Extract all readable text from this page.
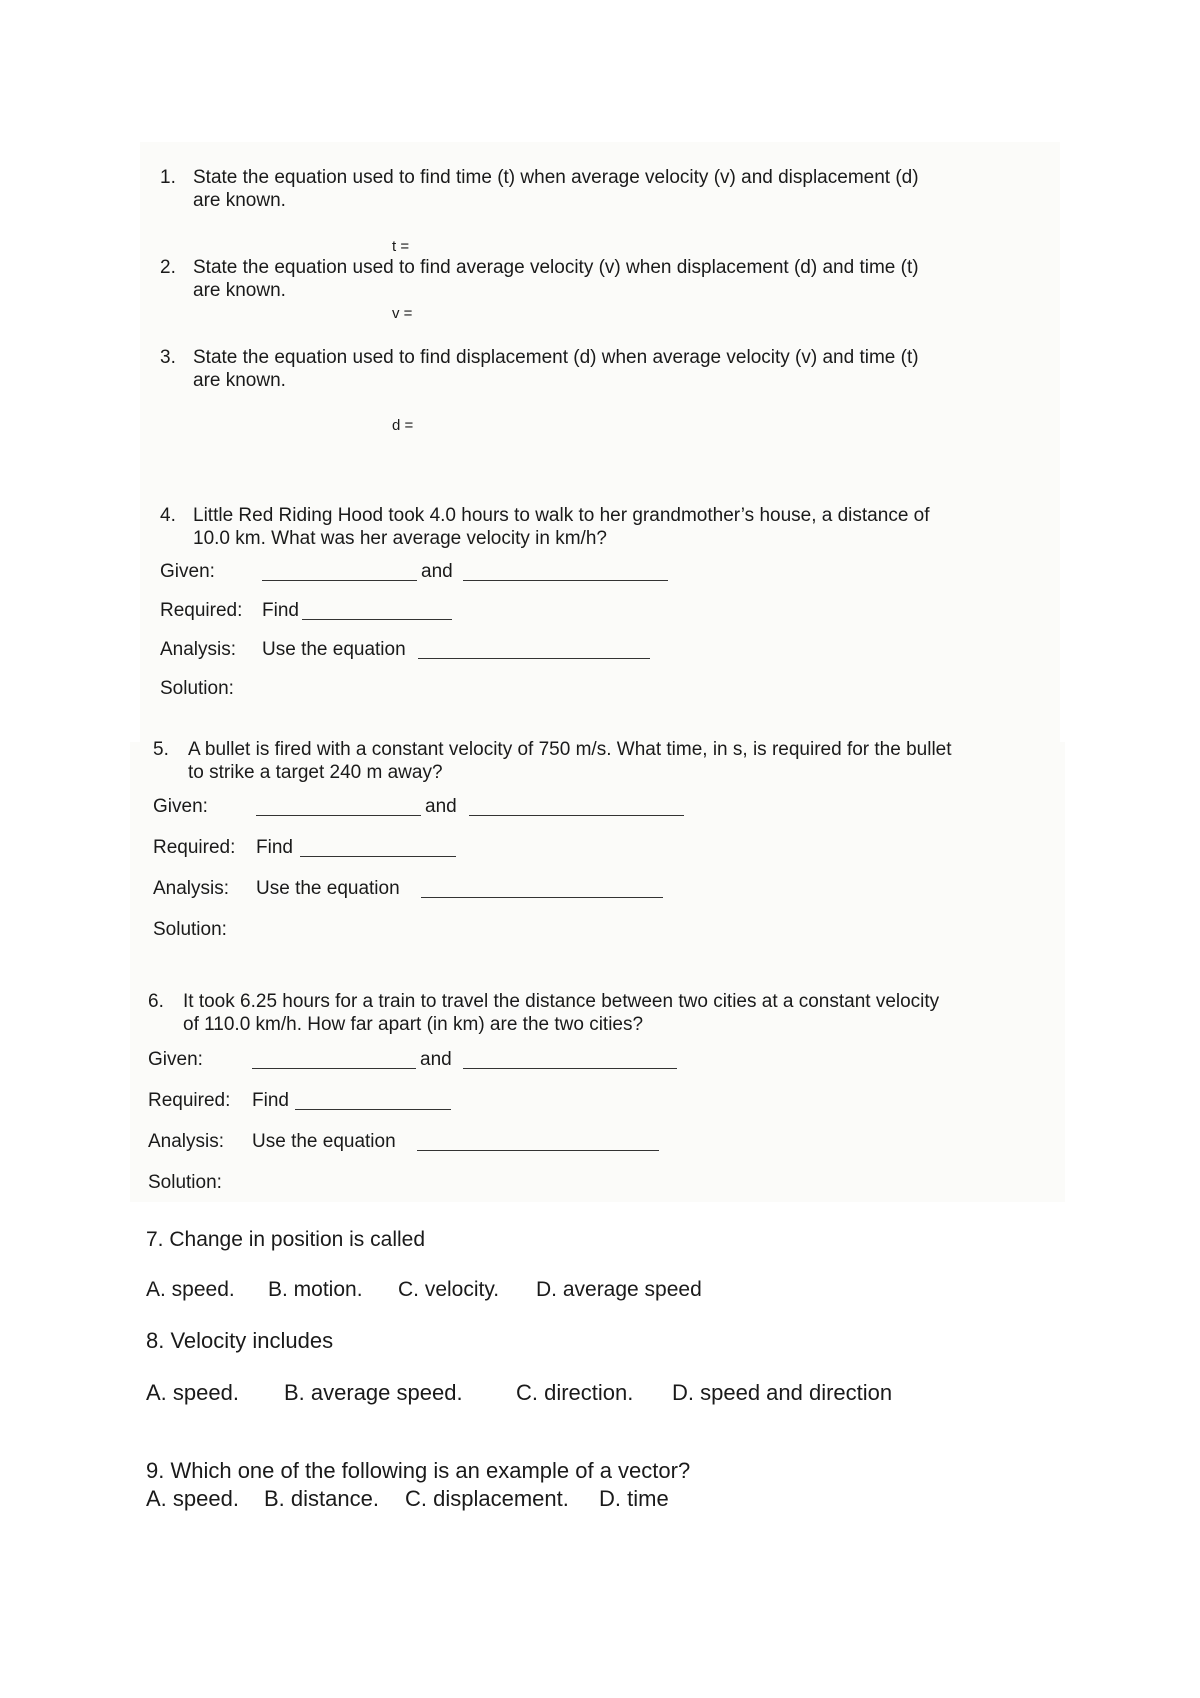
1. State the equation used to find time (t) when average velocity (v) and displacement (d)
are known.
t =
2. State the equation used to find average velocity (v) when displacement (d) and time (t)
are known.
v =
3. State the equation used to find displacement (d) when average velocity (v) and time (t)
are known.
d =
4. Little Red Riding Hood took 4.0 hours to walk to her grandmother’s house, a distance of
10.0 km. What was her average velocity in km/h?
Given:	and
Required: Find
Analysis: Use the equation
Solution:
5.	A bullet is fired with a constant velocity of 750 m/s. What time, in s, is required for the bullet
to strike a target 240 m away?
Given:	and
Required: Find
Analysis: Use the equation
Solution:
6.	It took 6.25 hours for a train to travel the distance between two cities at a constant velocity
of 110.0 km/h. How far apart (in km) are the two cities?
Given:	and
Required: Find
Analysis: Use the equation
Solution:
7. Change in position is called
A. speed. B. motion. C. velocity. D. average speed
8. Velocity includes
A. speed. B. average speed. C. direction. D. speed and direction
9. Which one of the following is an example of a vector?
A. speed. B. distance. C. displacement. D. time
